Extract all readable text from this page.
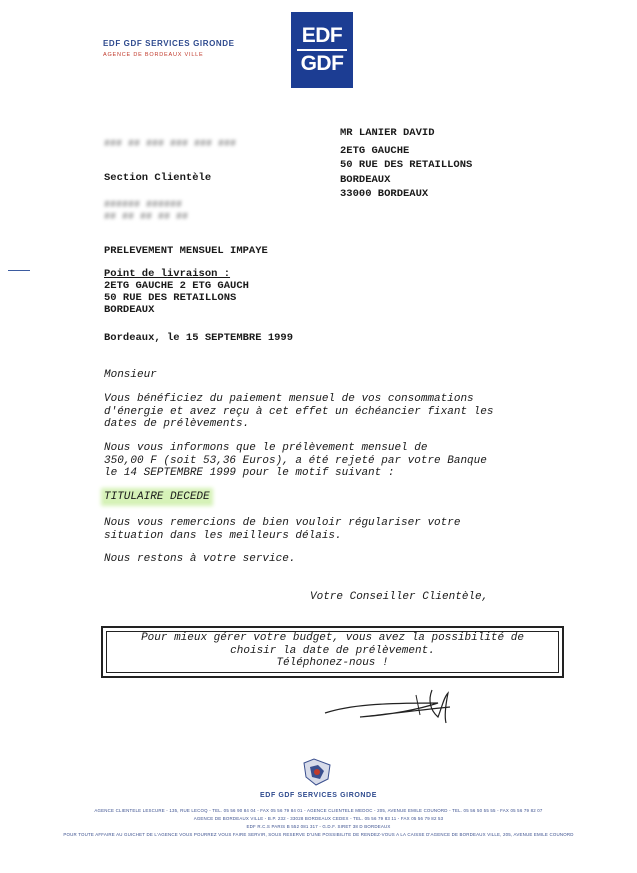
EDF GDF SERVICES GIRONDE
AGENCE DE BORDEAUX VILLE
EDF
GDF
### ## ### ### ### ###
Section Clientèle
###### ######
## ## ## ## ##
MR LANIER DAVID
2ETG GAUCHE
50 RUE DES RETAILLONS
BORDEAUX
33000 BORDEAUX
PRELEVEMENT MENSUEL IMPAYE
Point de livraison :
2ETG GAUCHE 2 ETG GAUCH
50 RUE DES RETAILLONS
BORDEAUX
Bordeaux, le 15 SEPTEMBRE 1999
Monsieur
Vous bénéficiez du paiement mensuel de vos consommations
d'énergie et avez reçu à cet effet un échéancier fixant les
dates de prélèvements.
Nous vous informons que le prélèvement mensuel de
350,00 F (soit 53,36 Euros), a été rejeté par votre Banque
le 14 SEPTEMBRE 1999 pour le motif suivant :
TITULAIRE DECEDE
Nous vous remercions de bien vouloir régulariser votre
situation dans les meilleurs délais.
Nous restons à votre service.
Votre Conseiller Clientèle,
Pour mieux gérer votre budget, vous avez la possibilité de
choisir la date de prélèvement.
Téléphonez-nous !
EDF GDF SERVICES GIRONDE
AGENCE CLIENTELE LESCURE - 135, RUE LECOQ - TEL. 05 56 90 84 04 - FAX 05 56 79 84 01 - AGENCE CLIENTELE MEDOC - 205, AVENUE EMILE COUNORD - TEL. 05 56 50 55 55 - FAX 05 56 79 82 07
AGENCE DE BORDEAUX VILLE - B.P. 232 - 33028 BORDEAUX CEDEX - TEL. 05 56 79 83 11 - FAX 05 56 79 82 53
EDF R.C.S PARIS B 552 081 317 - G.D.F. SIRET 38 D BORDEAUX
POUR TOUTE AFFAIRE AU GUICHET DE L'AGENCE VOUS POURREZ VOUS FAIRE SERVIR, SOUS RESERVE D'UNE POSSIBILITE DE RENDEZ-VOUS A LA CAISSE D'AGENCE DE BORDEAUX VILLE, 205, AVENUE EMILE COUNORD
